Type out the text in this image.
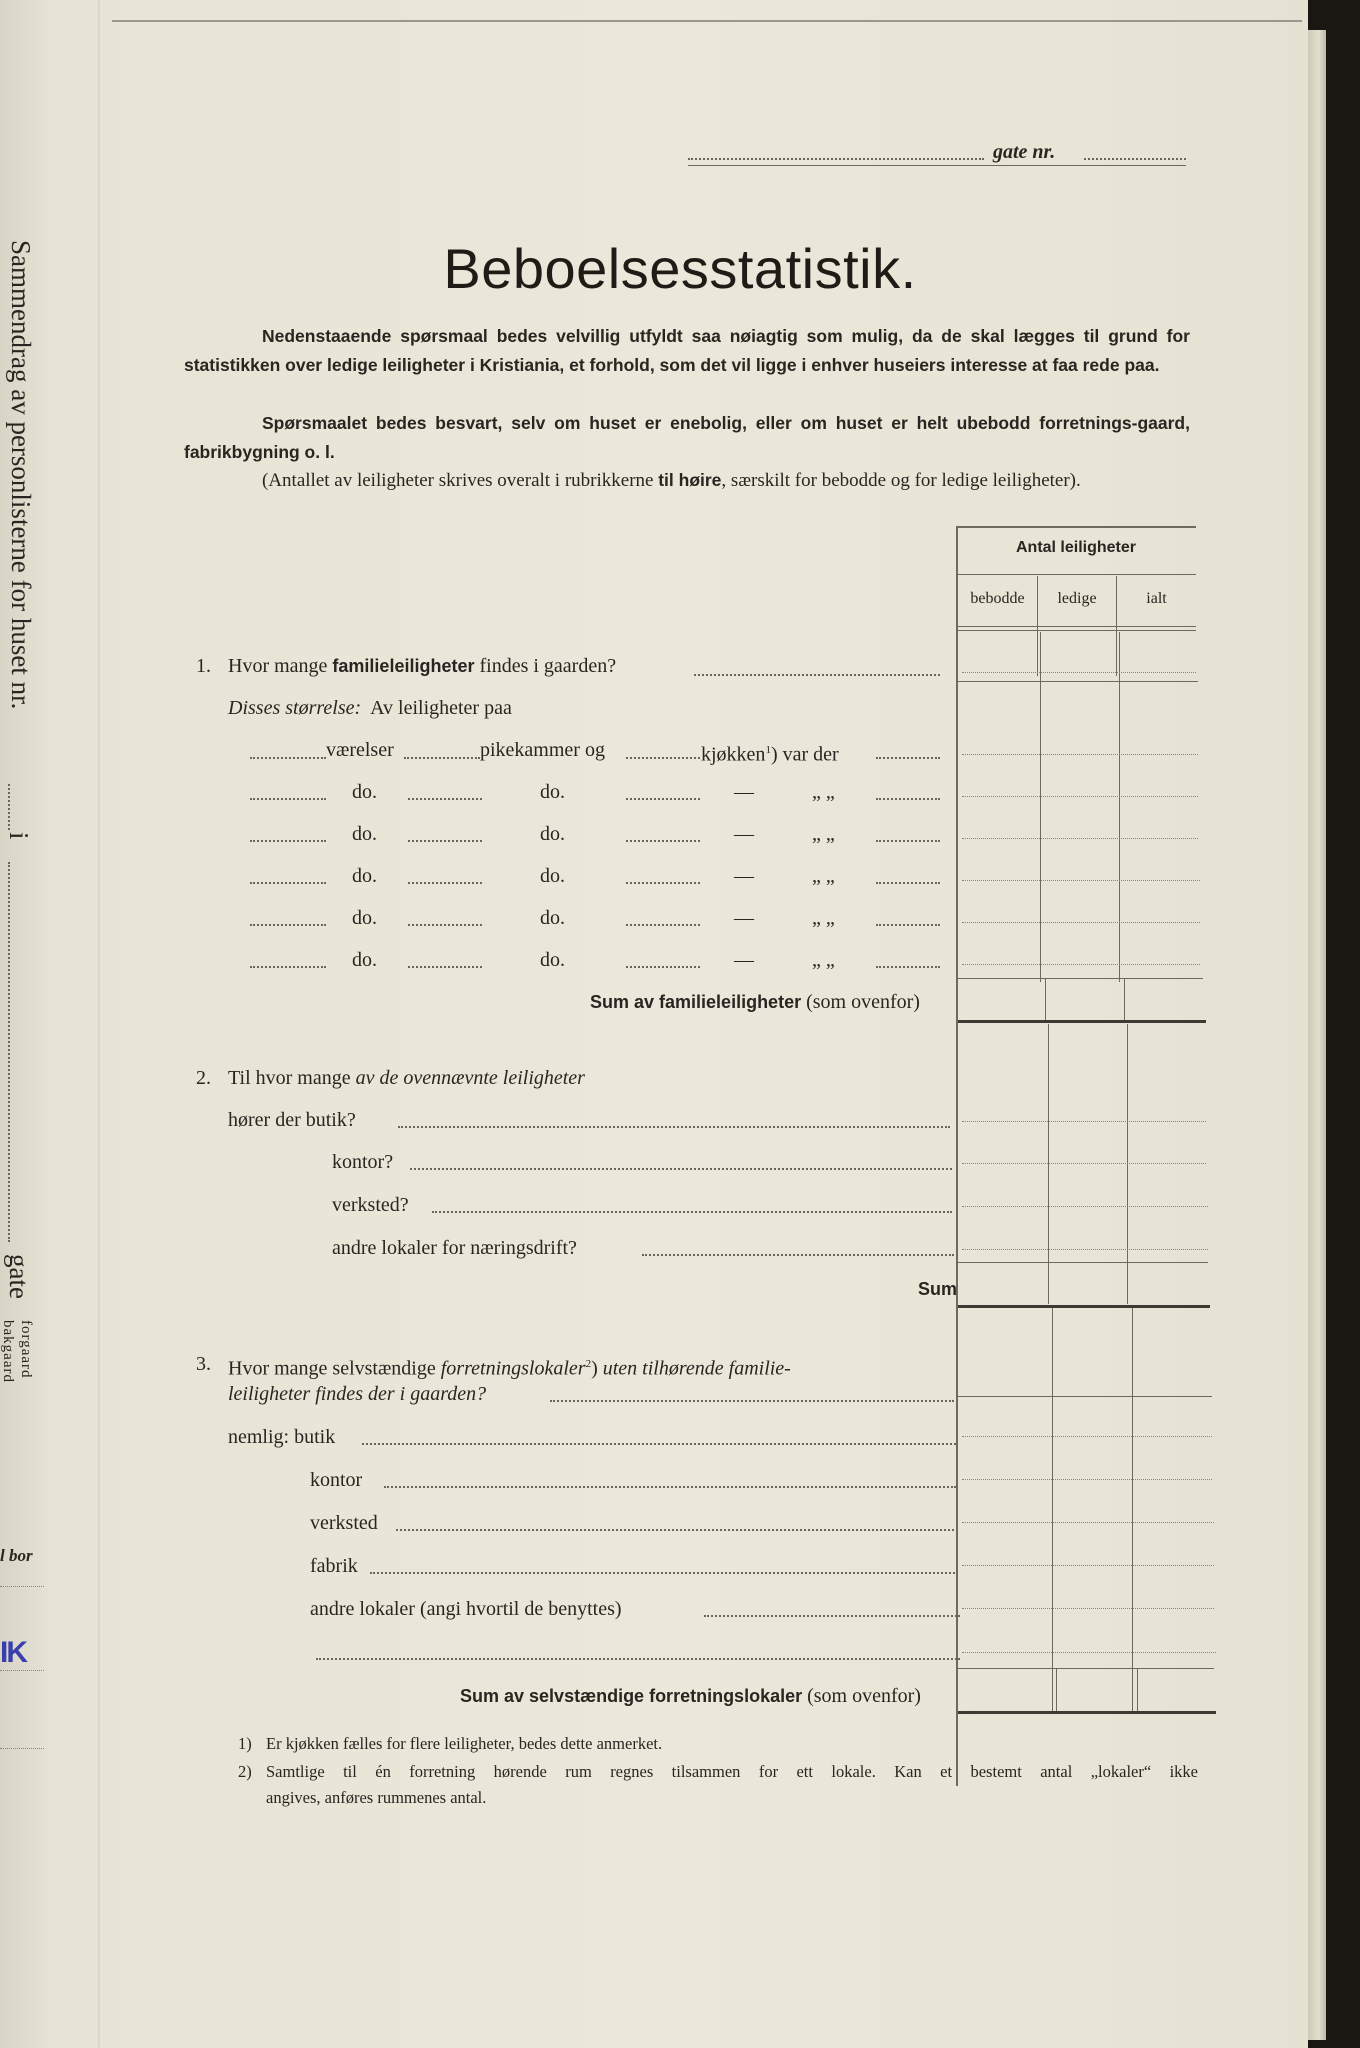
Sammendrag av personlisterne for huset nr.
i
gate
forgaard
bakgaard
l bor
IK
gate nr.
Beboelsesstatistik.
Nedenstaaende spørsmaal bedes velvillig utfyldt saa nøiagtig som mulig, da de skal lægges til grund for statistikken over ledige leiligheter i Kristiania, et forhold, som det vil ligge i enhver huseiers interesse at faa rede paa.
Spørsmaalet bedes besvart, selv om huset er enebolig, eller om huset er helt ubebodd forretnings-gaard, fabrikbygning o. l.
(Antallet av leiligheter skrives overalt i rubrikkerne til høire, særskilt for bebodde og for ledige leiligheter).
Antal leiligheter
bebodde	ledige	ialt
1. Hvor mange familieleiligheter findes i gaarden?
Disses størrelse: Av leiligheter paa
værelser	pikekammer og	kjøkken$^1$) var der
do.	do.	—	„ „
do.	do.	—	„ „
do.	do.	—	„ „
do.	do.	—	„ „
do.	do.	—	„ „
Sum av familieleiligheter (som ovenfor)
2. Til hvor mange av de ovennævnte leiligheter
hører der butik?
kontor?
verksted?
andre lokaler for næringsdrift?
Sum
3. Hvor mange selvstændige forretningslokaler$^2$) uten tilhørende familie-
leiligheter findes der i gaarden?
nemlig: butik
kontor
verksted
fabrik
andre lokaler (angi hvortil de benyttes)
Sum av selvstændige forretningslokaler (som ovenfor)
1) Er kjøkken fælles for flere leiligheter, bedes dette anmerket.
2) Samtlige til én forretning hørende rum regnes tilsammen for ett lokale. Kan et bestemt antal „lokaler“ ikke
angives, anføres rummenes antal.
